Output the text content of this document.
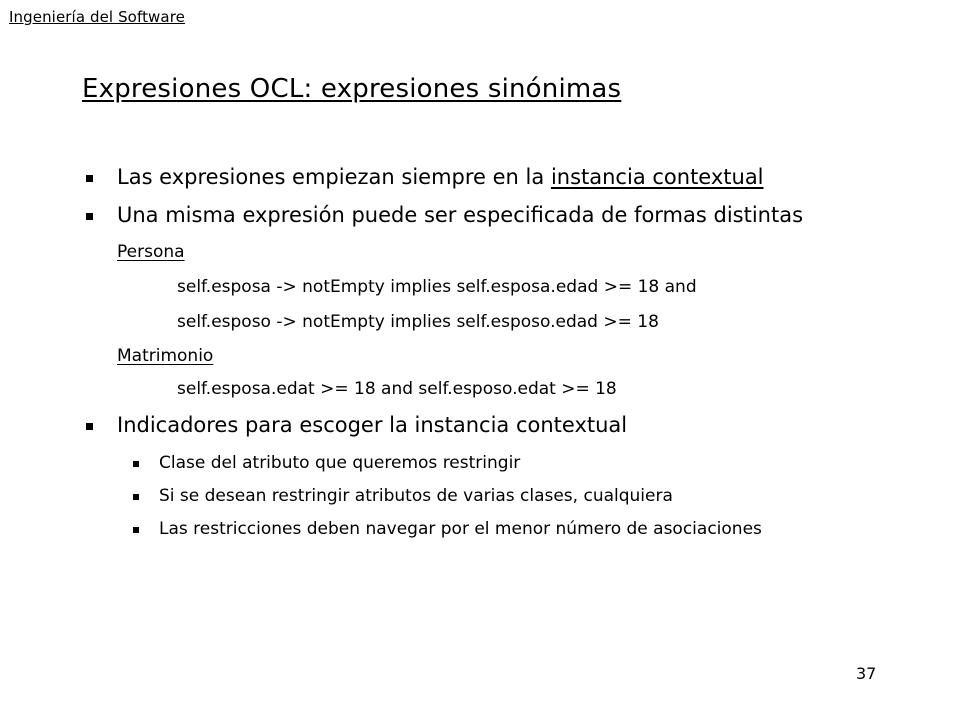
Ingeniería del Software
Expresiones OCL: expresiones sinónimas
Las expresiones empiezan siempre en la instancia contextual
Una misma expresión puede ser especificada de formas distintas
Persona
self.esposa -> notEmpty implies self.esposa.edad >= 18 and
self.esposo -> notEmpty implies self.esposo.edad >= 18
Matrimonio
self.esposa.edat >= 18 and self.esposo.edat >= 18
Indicadores para escoger la instancia contextual
Clase del atributo que queremos restringir
Si se desean restringir atributos de varias clases, cualquiera
Las restricciones deben navegar por el menor número de asociaciones
37
